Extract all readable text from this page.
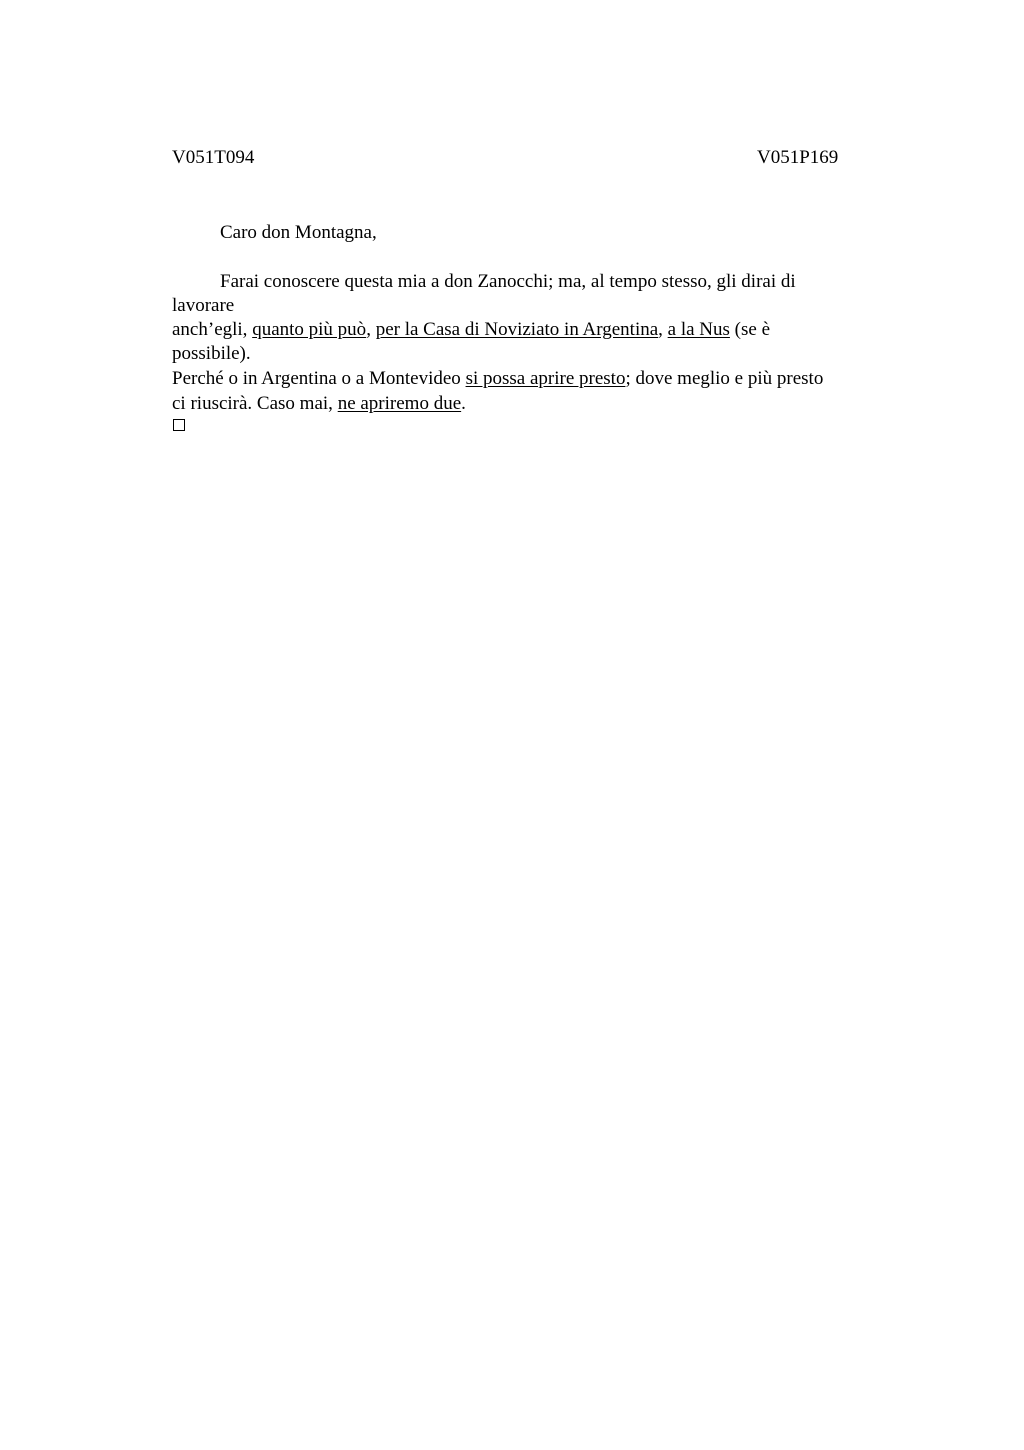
V051T094	V051P169
Caro don Montagna,
Farai conoscere questa mia a don Zanocchi; ma, al tempo stesso, gli dirai di
lavorare
anch’egli, quanto più può, per la Casa di Noviziato in Argentina, a la Nus (se è
possibile).
Perché o in Argentina o a Montevideo si possa aprire presto; dove meglio e più presto
ci riuscirà. Caso mai, ne apriremo due.
